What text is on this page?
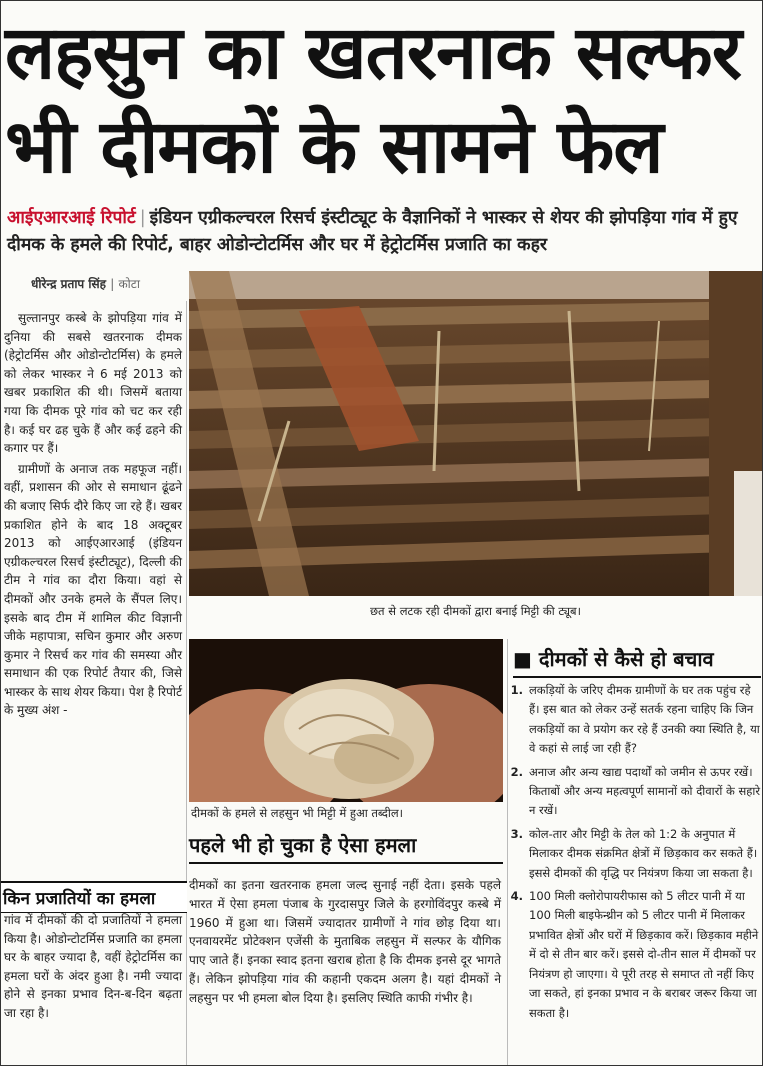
लहसुन का खतरनाक सल्फर
भी दीमकों के सामने फेल
आईएआरआई रिपोर्ट | इंडियन एग्रीकल्चरल रिसर्च इंस्टीट्यूट के वैज्ञानिकों ने भास्कर से शेयर की झोपड़िया गांव में हुए दीमक के हमले की रिपोर्ट, बाहर ओडोन्टोटर्मिस और घर में हेट्रोटर्मिस प्रजाति का कहर
धीरेन्द्र प्रताप सिंह | कोटा

सुल्तानपुर कस्बे के झोपड़िया गांव में दुनिया की सबसे खतरनाक दीमक (हेट्रोटर्मिस और ओडोन्टोटर्मिस) के हमले को लेकर भास्कर ने 6 मई 2013 को खबर प्रकाशित की थी। जिसमें बताया गया कि दीमक पूरे गांव को चट कर रही है। कई घर ढह चुके हैं और कई ढहने की कगार पर हैं।

ग्रामीणों के अनाज तक महफूज नहीं। वहीं, प्रशासन की ओर से समाधान ढूंढने की बजाए सिर्फ दौरे किए जा रहे हैं। खबर प्रकाशित होने के बाद 18 अक्टूबर 2013 को आईएआरआई (इंडियन एग्रीकल्चरल रिसर्च इंस्टीट्यूट), दिल्ली की टीम ने गांव का दौरा किया। वहां से दीमकों और उनके हमले के सैंपल लिए। इसके बाद टीम में शामिल कीट विज्ञानी जीके महापात्रा, सचिन कुमार और अरुण कुमार ने रिसर्च कर गांव की समस्या और समाधान की एक रिपोर्ट तैयार की, जिसे भास्कर के साथ शेयर किया। पेश है रिपोर्ट के मुख्य अंश -

छत से लटक रही दीमकों द्वारा बनाई मिट्टी की ट्यूब।
दीमकों के हमले से लहसुन भी मिट्टी में हुआ तब्दील।
पहले भी हो चुका है ऐसा हमला
दीमकों का इतना खतरनाक हमला जल्द सुनाई नहीं देता। इसके पहले भारत में ऐसा हमला पंजाब के गुरदासपुर जिले के हरगोविंदपुर कस्बे में 1960 में हुआ था। जिसमें ज्यादातर ग्रामीणों ने गांव छोड़ दिया था।एनवायरमेंट प्रोटेक्शन एजेंसी के मुताबिक लहसुन में सल्फर के यौगिक पाए जाते हैं। इनका स्वाद इतना खराब होता है कि दीमक इनसे दूर भागते हैं। लेकिन झोपड़िया गांव की कहानी एकदम अलग है। यहां दीमकों ने लहसुन पर भी हमला बोल दिया है। इसलिए स्थिति काफी गंभीर है।
■ दीमकों से कैसे हो बचाव
1. लकड़ियों के जरिए दीमक ग्रामीणों के घर तक पहुंच रहे हैं। इस बात को लेकर उन्हें सतर्क रहना चाहिए कि जिन लकड़ियों का वे प्रयोग कर रहे हैं उनकी क्या स्थिति है, या वे कहां से लाई जा रही हैं?
2. अनाज और अन्य खाद्य पदार्थों को जमीन से ऊपर रखें। किताबों और अन्य महत्वपूर्ण सामानों को दीवारों के सहारे न रखें।
3. कोल-तार और मिट्टी के तेल को 1:2 के अनुपात में मिलाकर दीमक संक्रमित क्षेत्रों में छिड़काव कर सकते हैं। इससे दीमकों की वृद्धि पर नियंत्रण किया जा सकता है।
4. 100 मिली क्लोरोपायरीफास को 5 लीटर पानी में या 100 मिली बाइफेन्थ्रीन को 5 लीटर पानी में मिलाकर प्रभावित क्षेत्रों और घरों में छिड़काव करें। छिड़काव महीने में दो से तीन बार करें। इससे दो-तीन साल में दीमकों पर नियंत्रण हो जाएगा। ये पूरी तरह से समाप्त तो नहीं किए जा सकते, हां इनका प्रभाव न के बराबर जरूर किया जा सकता है।
किन प्रजातियों का हमला
गांव में दीमकों की दो प्रजातियों ने हमला किया है। ओडोन्टोटर्मिस प्रजाति का हमला घर के बाहर ज्यादा है, वहीं हेट्रोटर्मिस का हमला घरों के अंदर हुआ है। नमी ज्यादा होने से इनका प्रभाव दिन-ब-दिन बढ़ता जा रहा है।
